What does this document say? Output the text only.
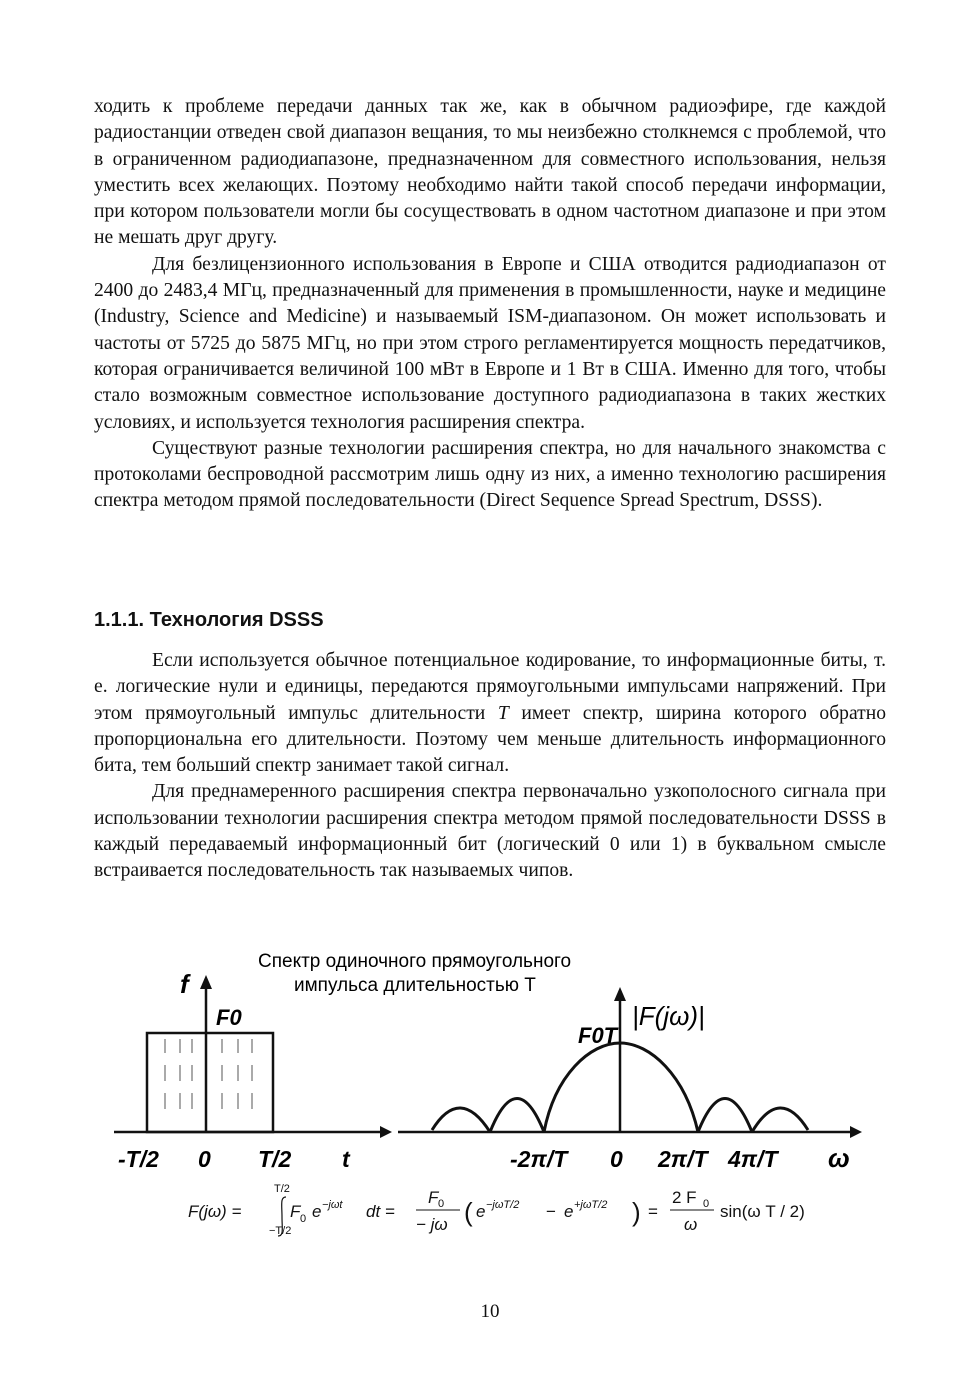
ходить к проблеме передачи данных так же, как в обычном радиоэфире, где каждой радиостанции отведен свой диапазон вещания, то мы неизбежно столкнемся с проблемой, что в ограниченном радиодиапазоне, предназначенном для совместного использования, нельзя уместить всех желающих. Поэтому необходимо найти такой способ передачи информации, при котором пользователи могли бы сосуществовать в одном частотном диапазоне и при этом не мешать друг другу.

Для безлицензионного использования в Европе и США отводится радиодиапазон от 2400 до 2483,4 МГц, предназначенный для применения в промышленности, науке и медицине (Industry, Science and Medicine) и называемый ISM-диапазоном. Он может использовать и частоты от 5725 до 5875 МГц, но при этом строго регламентируется мощность передатчиков, которая ограничивается величиной 100 мВт в Европе и 1 Вт в США. Именно для того, чтобы стало возможным совместное использование доступного радиодиапазона в таких жестких условиях, и используется технология расширения спектра.

Существуют разные технологии расширения спектра, но для начального знакомства с протоколами беспроводной рассмотрим лишь одну из них, а именно технологию расширения спектра методом прямой последовательности (Direct Sequence Spread Spectrum, DSSS).

1.1.1. Технология DSSS

Если используется обычное потенциальное кодирование, то информационные биты, т. е. логические нули и единицы, передаются прямоугольными импульсами напряжений. При этом прямоугольный импульс длительности T имеет спектр, ширина которого обратно пропорциональна его длительности. Поэтому чем меньше длительность информационного бита, тем больший спектр занимает такой сигнал.

Для преднамеренного расширения спектра первоначально узкополосного сигнала при использовании технологии расширения спектра методом прямой последовательности DSSS в каждый передаваемый информационный бит (логический 0 или 1) в буквальном смысле встраивается последовательность так называемых чипов.

Спектр одиночного прямоугольного
импульса длительностью T
f
F0
-T/2 0 T/2 t
|F(jω)|
F0T
-2π/T 0 2π/T 4π/T ω
F(jω) =
T/2
−T/2
F 0 e −jωt dt =
F 0
− jω ( e −jωT/2 − e +jωT/2 ) =
2 F 0
ω
sin(ω T / 2)
10
